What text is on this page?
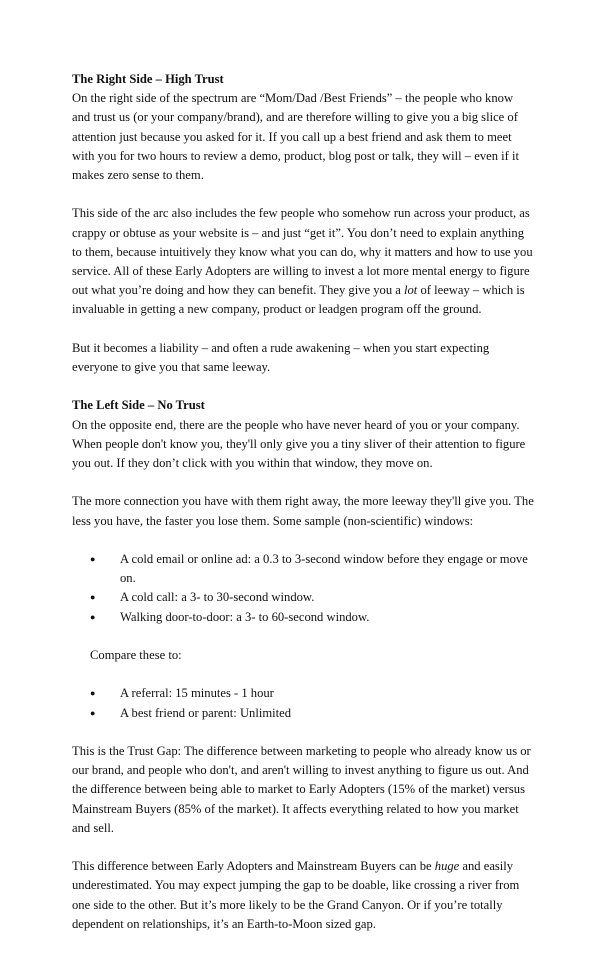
The Right Side – High Trust

On the right side of the spectrum are “Mom/Dad /Best Friends” – the people who know and trust us (or your company/brand), and are therefore willing to give you a big slice of attention just because you asked for it. If you call up a best friend and ask them to meet with you for two hours to review a demo, product, blog post or talk, they will – even if it makes zero sense to them.

This side of the arc also includes the few people who somehow run across your product, as crappy or obtuse as your website is – and just “get it”. You don’t need to explain anything to them, because intuitively they know what you can do, why it matters and how to use you service. All of these Early Adopters are willing to invest a lot more mental energy to figure out what you’re doing and how they can benefit. They give you a lot of leeway – which is invaluable in getting a new company, product or leadgen program off the ground.

But it becomes a liability – and often a rude awakening – when you start expecting everyone to give you that same leeway.

The Left Side – No Trust

On the opposite end, there are the people who have never heard of you or your company. When people don't know you, they'll only give you a tiny sliver of their attention to figure you out. If they don’t click with you within that window, they move on.

The more connection you have with them right away, the more leeway they'll give you. The less you have, the faster you lose them. Some sample (non-scientific) windows:

● A cold email or online ad: a 0.3 to 3-second window before they engage or move on.
● A cold call: a 3- to 30-second window.
● Walking door-to-door: a 3- to 60-second window.

Compare these to:

● A referral: 15 minutes - 1 hour
● A best friend or parent: Unlimited

This is the Trust Gap: The difference between marketing to people who already know us or our brand, and people who don't, and aren't willing to invest anything to figure us out. And the difference between being able to market to Early Adopters (15% of the market) versus Mainstream Buyers (85% of the market). It affects everything related to how you market and sell.

This difference between Early Adopters and Mainstream Buyers can be huge and easily underestimated. You may expect jumping the gap to be doable, like crossing a river from one side to the other. But it’s more likely to be the Grand Canyon. Or if you’re totally dependent on relationships, it’s an Earth-to-Moon sized gap.
